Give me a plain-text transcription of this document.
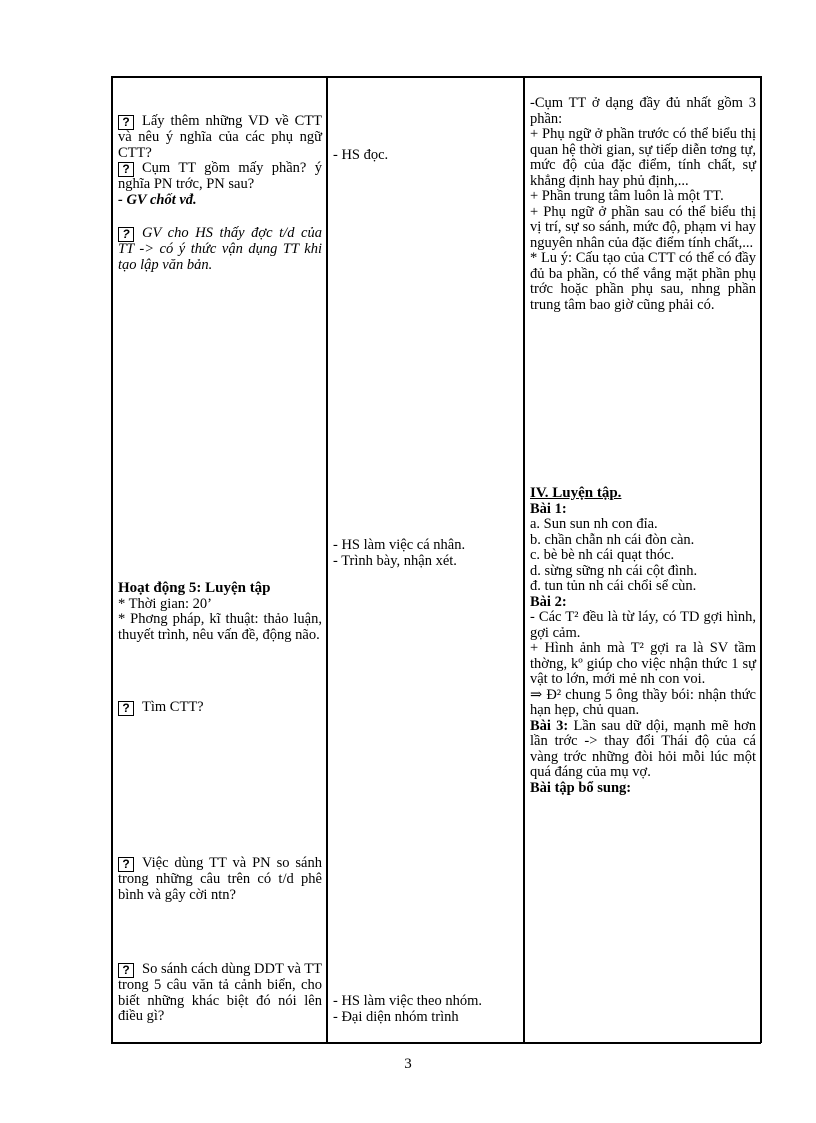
? Lấy thêm những VD về CTT và nêu ý nghĩa của các phụ ngữ CTT?

? Cụm TT gồm mấy phần? ý nghĩa PN trớc, PN sau?

- GV chốt vđ.

? GV cho HS thấy đợc t/d của TT -> có ý thức vận dụng TT khi tạo lập văn bản.

Hoạt động 5: Luyện tập

* Thời gian: 20’

* Phơng pháp, kĩ thuật: thảo luận, thuyết trình, nêu vấn đề, động não.

? Tìm CTT?

? Việc dùng TT và PN so sánh trong những câu trên có t/d phê bình và gây cời ntn?

? So sánh cách dùng DDT và TT trong 5 câu văn tả cảnh biển, cho biết những khác biệt đó nói lên điều gì?

- HS đọc.

- HS làm việc cá nhân.

- Trình bày, nhận xét.

- HS làm việc theo nhóm.

- Đại diện nhóm trình

-Cụm TT ở dạng đầy đủ nhất gồm 3 phần:

+ Phụ ngữ ở phần trước có thể biểu thị quan hệ thời gian, sự tiếp diễn tơng tự, mức độ của đặc điểm, tính chất, sự khẳng định hay phủ định,...

+ Phần trung tâm luôn là một TT.

+ Phụ ngữ ở phần sau có thể biểu thị vị trí, sự so sánh, mức độ, phạm vi hay nguyên nhân của đặc điểm tính chất,...

* Lu ý: Cấu tạo của CTT có thể có đầy đủ ba phần, có thể vắng mặt phần phụ trớc hoặc phần phụ sau, nhng phần trung tâm bao giờ cũng phải có.

IV. Luyện tập.

Bài 1:

a. Sun sun nh con đỉa.

b. chần chẫn nh cái đòn càn.

c. bè bè nh cái quạt thóc.

d. sừng sững nh cái cột đình.

đ. tun tủn nh cái chổi sể cùn.

Bài 2:

- Các T² đều là từ láy, có TD gợi hình, gợi cảm.

+ Hình ảnh mà T² gợi ra là SV tầm thờng, kº giúp cho việc nhận thức 1 sự vật to lớn, mới mẻ nh con voi.

⇒ Đ² chung 5 ông thầy bói: nhận thức hạn hẹp, chủ quan.

Bài 3: Lần sau dữ dội, mạnh mẽ hơn lần trớc -> thay đổi Thái độ của cá vàng trớc những đòi hỏi mỗi lúc một quá đáng của mụ vợ.

Bài tập bổ sung:

3
